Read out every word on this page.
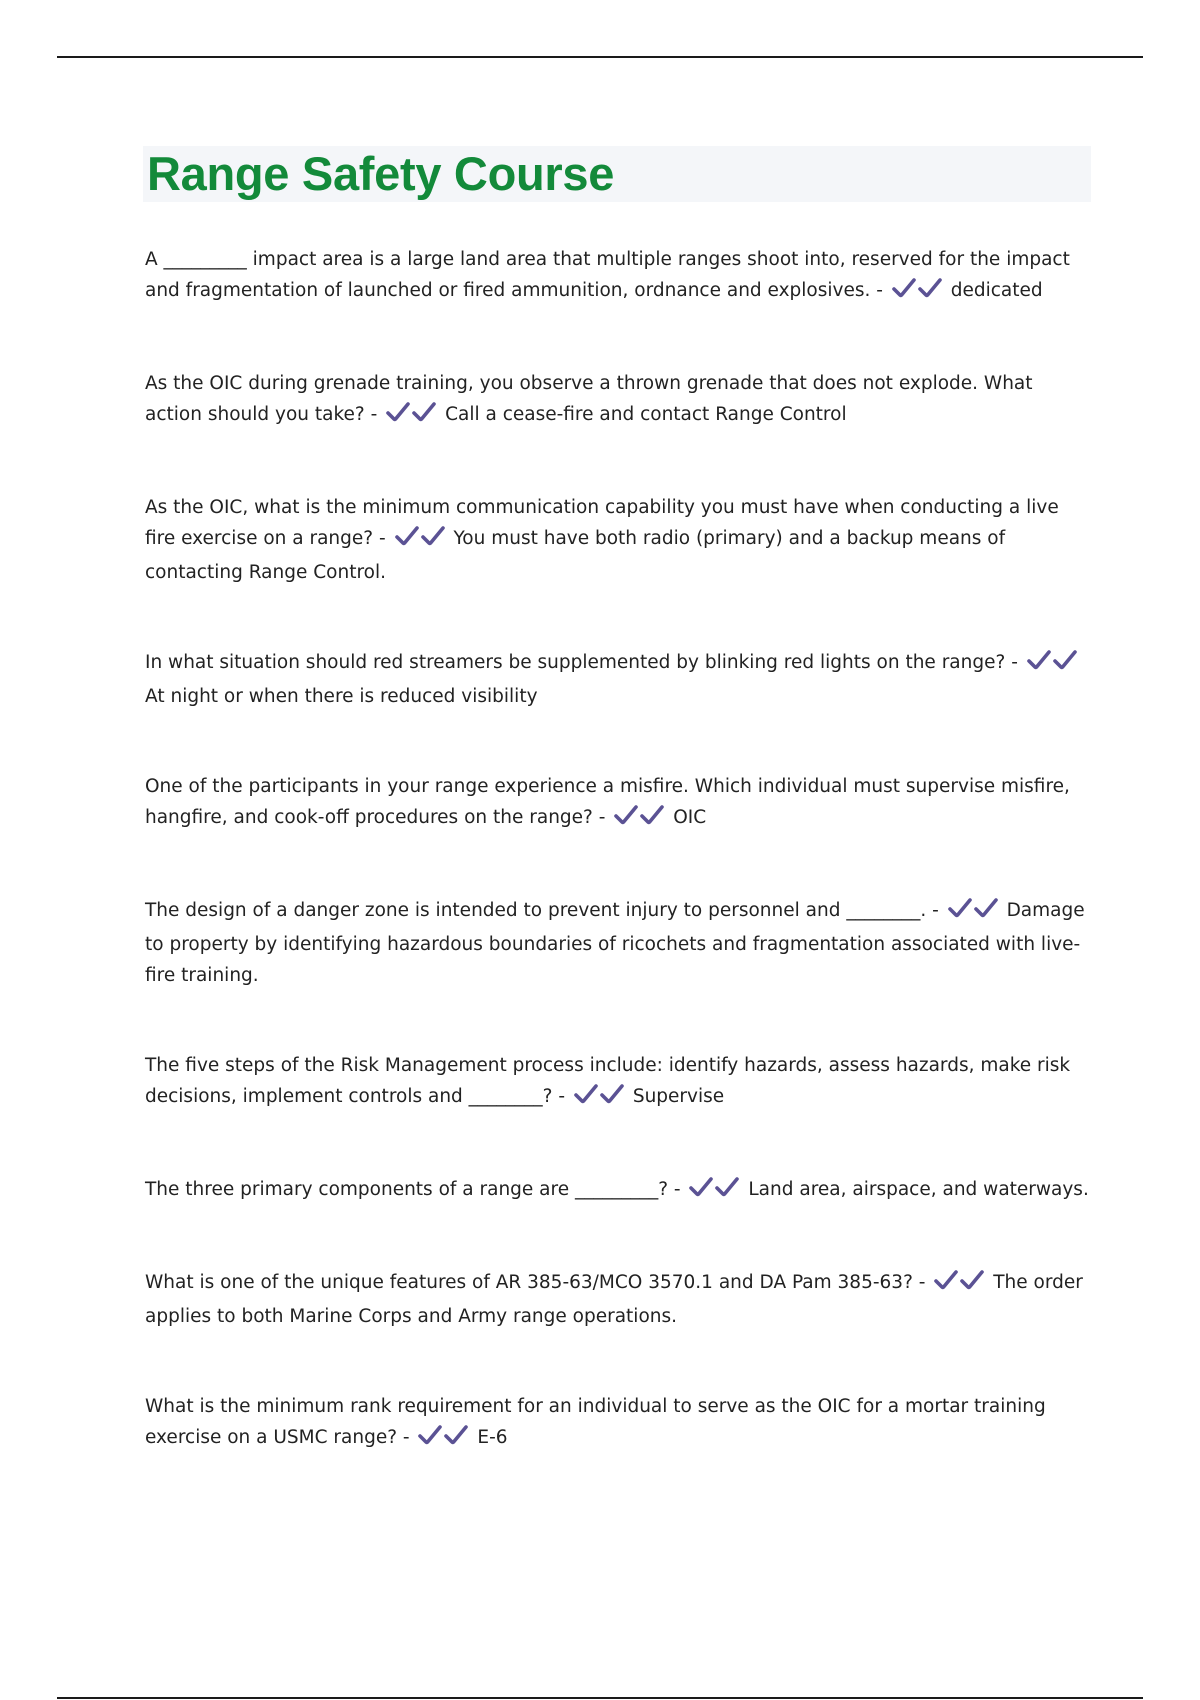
Range Safety Course
A _________ impact area is a large land area that multiple ranges shoot into, reserved for the impact and fragmentation of launched or fired ammunition, ordnance and explosives. -	dedicated
As the OIC during grenade training, you observe a thrown grenade that does not explode. What action should you take? -	Call a cease-fire and contact Range Control
As the OIC, what is the minimum communication capability you must have when conducting a live fire exercise on a range? -	You must have both radio (primary) and a backup means of contacting Range Control.
In what situation should red streamers be supplemented by blinking red lights on the range? -
At night or when there is reduced visibility
One of the participants in your range experience a misfire. Which individual must supervise misfire, hangfire, and cook-off procedures on the range? -	OIC
The design of a danger zone is intended to prevent injury to personnel and ________. -	Damage to property by identifying hazardous boundaries of ricochets and fragmentation associated with live-fire training.
The five steps of the Risk Management process include: identify hazards, assess hazards, make risk decisions, implement controls and ________? -	Supervise
The three primary components of a range are _________? -	Land area, airspace, and waterways.
What is one of the unique features of AR 385-63/MCO 3570.1 and DA Pam 385-63? -	The order applies to both Marine Corps and Army range operations.
What is the minimum rank requirement for an individual to serve as the OIC for a mortar training exercise on a USMC range? -	E-6
